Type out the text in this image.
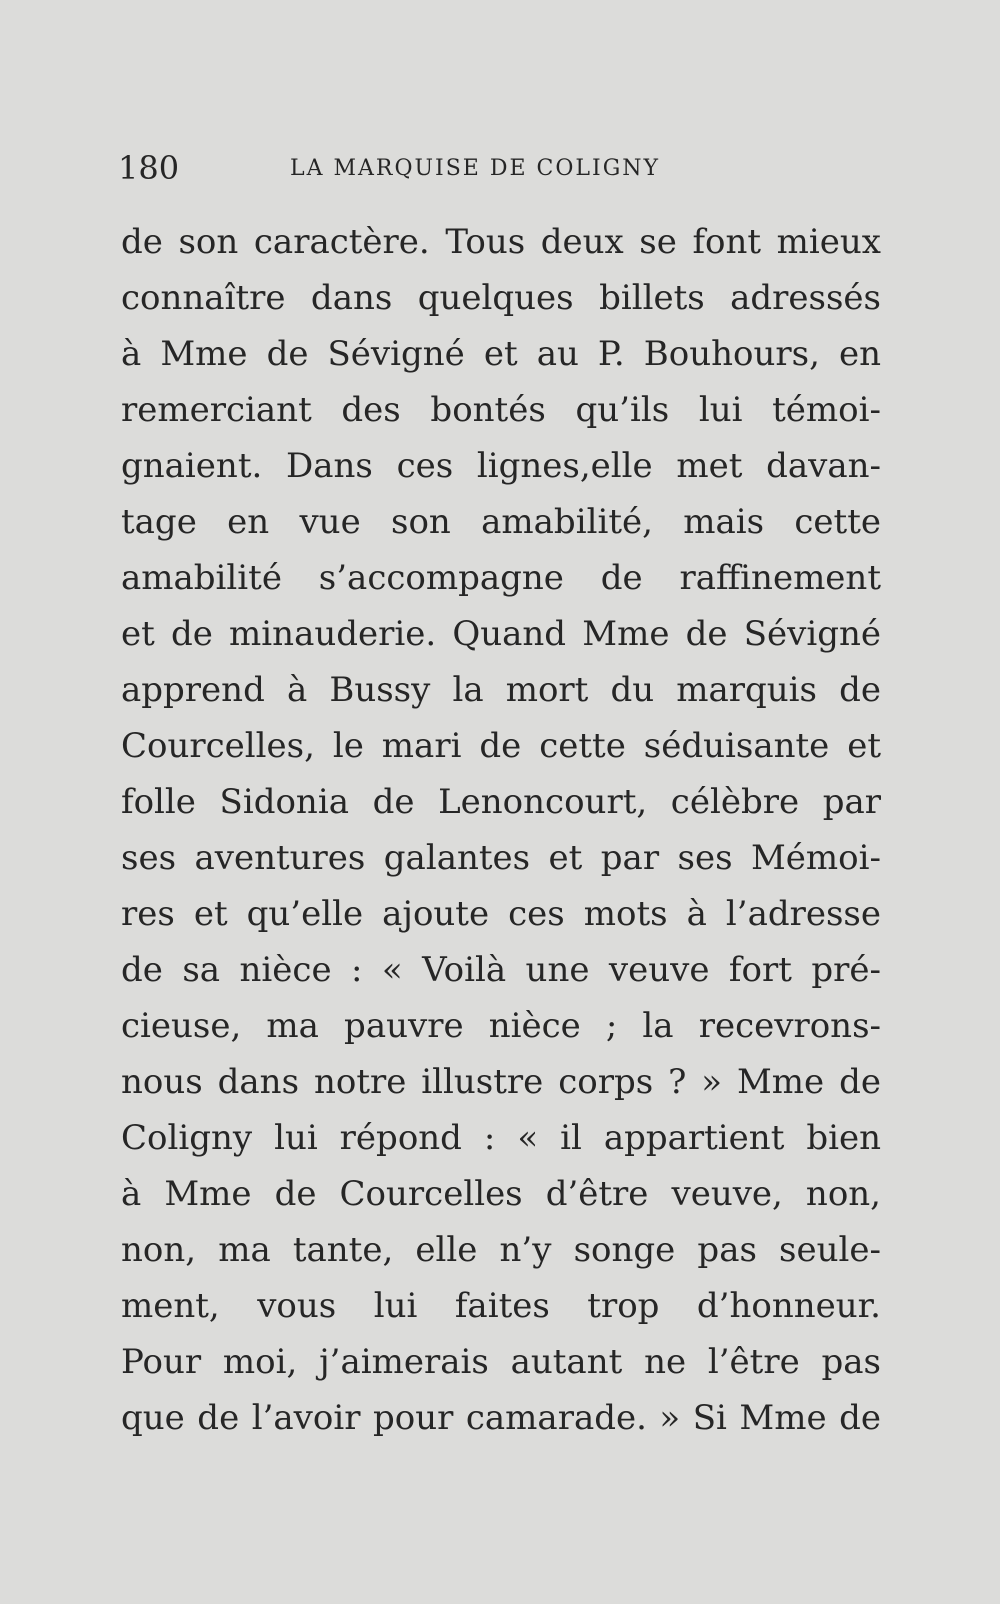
180	LA MARQUISE DE COLIGNY
de son caractère. Tous deux se font mieux
connaître dans quelques billets adressés
à Mme de Sévigné et au P. Bouhours, en
remerciant des bontés qu’ils lui témoi-
gnaient. Dans ces lignes,elle met davan-
tage en vue son amabilité, mais cette
amabilité s’accompagne de raffinement
et de minauderie. Quand Mme de Sévigné
apprend à Bussy la mort du marquis de
Courcelles, le mari de cette séduisante et
folle Sidonia de Lenoncourt, célèbre par
ses aventures galantes et par ses Mémoi-
res et qu’elle ajoute ces mots à l’adresse
de sa nièce : « Voilà une veuve fort pré-
cieuse, ma pauvre nièce ; la recevrons-
nous dans notre illustre corps ? » Mme de
Coligny lui répond : « il appartient bien
à Mme de Courcelles d’être veuve, non,
non, ma tante, elle n’y songe pas seule-
ment, vous lui faites trop d’honneur.
Pour moi, j’aimerais autant ne l’être pas
que de l’avoir pour camarade. » Si Mme de
